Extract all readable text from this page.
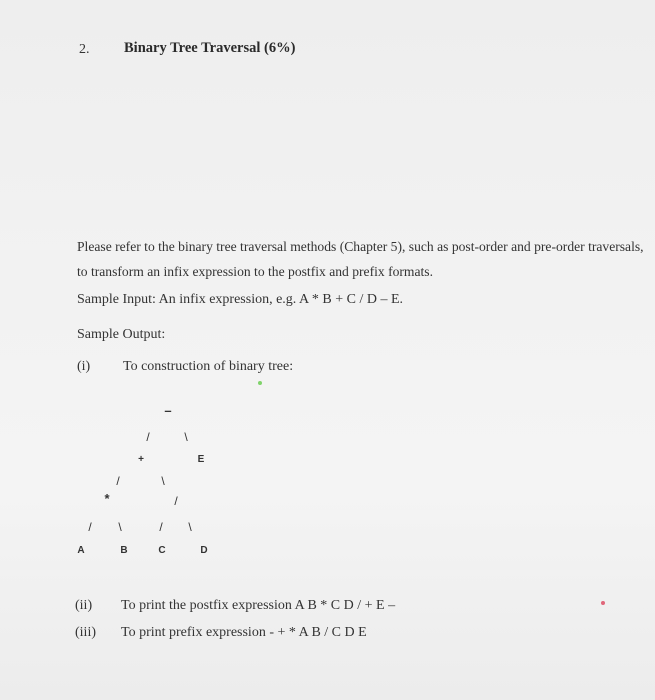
2. Binary Tree Traversal (6%)
Please refer to the binary tree traversal methods (Chapter 5), such as post-order and pre-order traversals, to transform an infix expression to the postfix and prefix formats.
Sample Input: An infix expression, e.g. A * B + C / D – E.
Sample Output:
(i) To construction of binary tree:
–
/	\
+	E
/	\
*	/
/ \	/ \
A	B	C	D
(ii) To print the postfix expression A B * C D / + E –
(iii) To print prefix expression - + * A B / C D E
